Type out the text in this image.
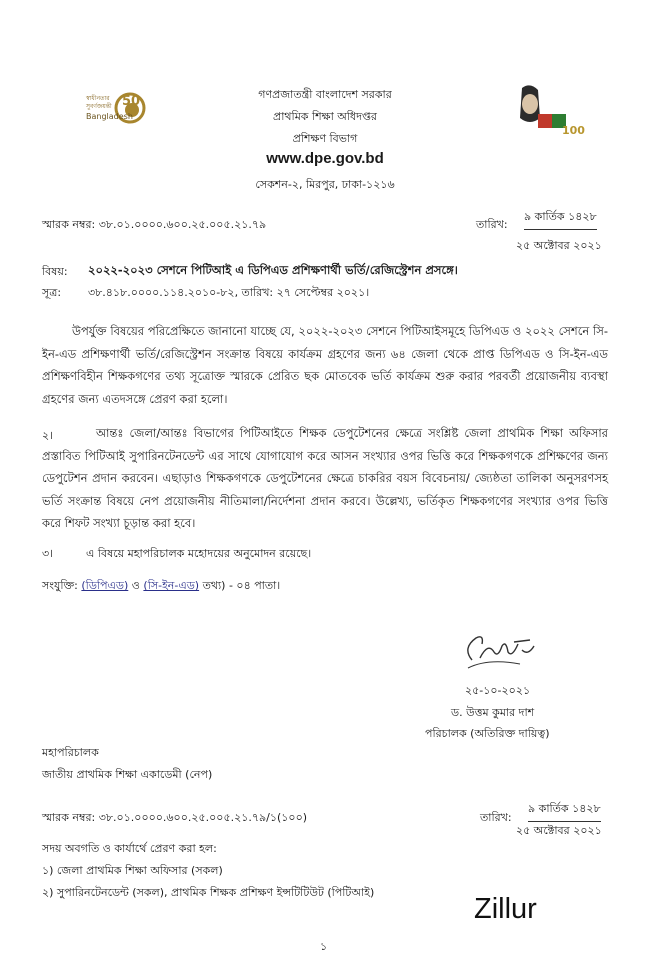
স্বাধীনতার
সুবর্ণজয়ন্তী
Bangladesh
50
100
গণপ্রজাতন্ত্রী বাংলাদেশ সরকার
প্রাথমিক শিক্ষা অধিদপ্তর
প্রশিক্ষণ বিভাগ
www.dpe.gov.bd
সেকশন-২, মিরপুর, ঢাকা-১২১৬
স্মারক নম্বর: ৩৮.০১.০০০০.৬০০.২৫.০০৫.২১.৭৯	তারিখ:
৯ কার্তিক ১৪২৮
২৫ অক্টোবর ২০২১
বিষয়: ২০২২-২০২৩ সেশনে পিটিআই এ ডিপিএড প্রশিক্ষণার্থী ভর্তি/রেজিস্ট্রেশন প্রসঙ্গে।
সূত্র: ৩৮.৪১৮.০০০০.১১৪.২০১০-৮২, তারিখ: ২৭ সেপ্টেম্বর ২০২১।
উপর্যুক্ত বিষয়ের পরিপ্রেক্ষিতে জানানো যাচ্ছে যে, ২০২২-২০২৩ সেশনে পিটিআইসমূহে ডিপিএড ও ২০২২ সেশনে সি-ইন-এড প্রশিক্ষণার্থী ভর্তি/রেজিস্ট্রেশন সংক্রান্ত বিষয়ে কার্যক্রম গ্রহণের জন্য ৬৪ জেলা থেকে প্রাপ্ত ডিপিএড ও সি-ইন-এড প্রশিক্ষণবিহীন শিক্ষকগণের তথ্য সূত্রোক্ত স্মারকে প্রেরিত ছক মোতবেক ভর্তি কার্যক্রম শুরু করার পরবর্তী প্রয়োজনীয় ব্যবস্থা গ্রহণের জন্য এতদসঙ্গে প্রেরণ করা হলো।
২।	আন্তঃ জেলা/আন্তঃ বিভাগের পিটিআইতে শিক্ষক ডেপুটেশনের ক্ষেত্রে সংশ্লিষ্ট জেলা প্রাথমিক শিক্ষা অফিসার প্রস্তাবিত পিটিআই সুপারিনটেনডেন্ট এর সাথে যোগাযোগ করে আসন সংখ্যার ওপর ভিত্তি করে শিক্ষকগণকে প্রশিক্ষণের জন্য ডেপুটেশন প্রদান করবেন। এছাড়াও শিক্ষকগণকে ডেপুটেশনের ক্ষেত্রে চাকরির বয়স বিবেচনায়/ জ্যেষ্ঠতা তালিকা অনুসরণসহ ভর্তি সংক্রান্ত বিষয়ে নেপ প্রয়োজনীয় নীতিমালা/নির্দেশনা প্রদান করবে। উল্লেখ্য, ভর্তিকৃত শিক্ষকগণের সংখ্যার ওপর ভিত্তি করে শিফট সংখ্যা চূড়ান্ত করা হবে।
৩।	এ বিষয়ে মহাপরিচালক মহোদয়ের অনুমোদন রয়েছে।
সংযুক্তি: (ডিপিএড) ও (সি-ইন-এড) তথ্য) - ০৪ পাতা।
২৫-১০-২০২১
ড. উত্তম কুমার দাশ
পরিচালক (অতিরিক্ত দায়িত্ব)
মহাপরিচালক
জাতীয় প্রাথমিক শিক্ষা একাডেমী (নেপ)
স্মারক নম্বর: ৩৮.০১.০০০০.৬০০.২৫.০০৫.২১.৭৯/১(১০০)	তারিখ:
৯ কার্তিক ১৪২৮
২৫ অক্টোবর ২০২১
সদয় অবগতি ও কার্যার্থে প্রেরণ করা হল:
১) জেলা প্রাথমিক শিক্ষা অফিসার (সকল)
২) সুপারিনটেনডেন্ট (সকল), প্রাথমিক শিক্ষক প্রশিক্ষণ ইন্সটিটিউট (পিটিআই)
Zillur
১
